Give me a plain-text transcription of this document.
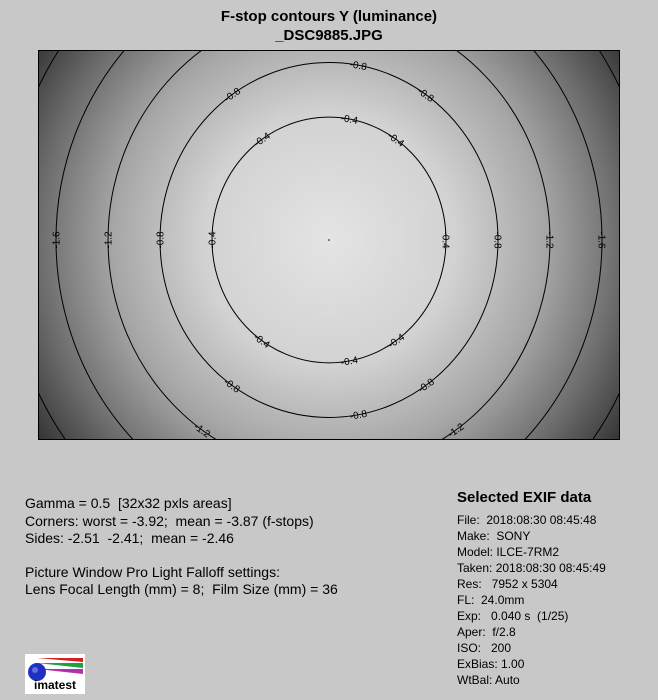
F-stop contours Y (luminance)
_DSC9885.JPG
-0.4	-0.4
-0.4
-0.4
-0.4	-0.4
-0.4
-0.4
-0.8	-0.8
-0.8
-0.8
-0.8	-0.8
-0.8
-0.8
-1.2	-1.2
-1.2	-1.2
-1.6	-1.6
Gamma = 0.5  [32x32 pxls areas]
Corners: worst = -3.92;  mean = -3.87 (f-stops)
Sides: -2.51  -2.41;  mean = -2.46
Picture Window Pro Light Falloff settings:
Lens Focal Length (mm) = 8;  Film Size (mm) = 36
Selected EXIF data
File:  2018:08:30 08:45:48
Make:  SONY
Model: ILCE-7RM2
Taken: 2018:08:30 08:45:49
Res:   7952 x 5304
FL:  24.0mm
Exp:   0.040 s  (1/25)
Aper:  f/2.8
ISO:   200
ExBias: 1.00
WtBal: Auto
imatest
